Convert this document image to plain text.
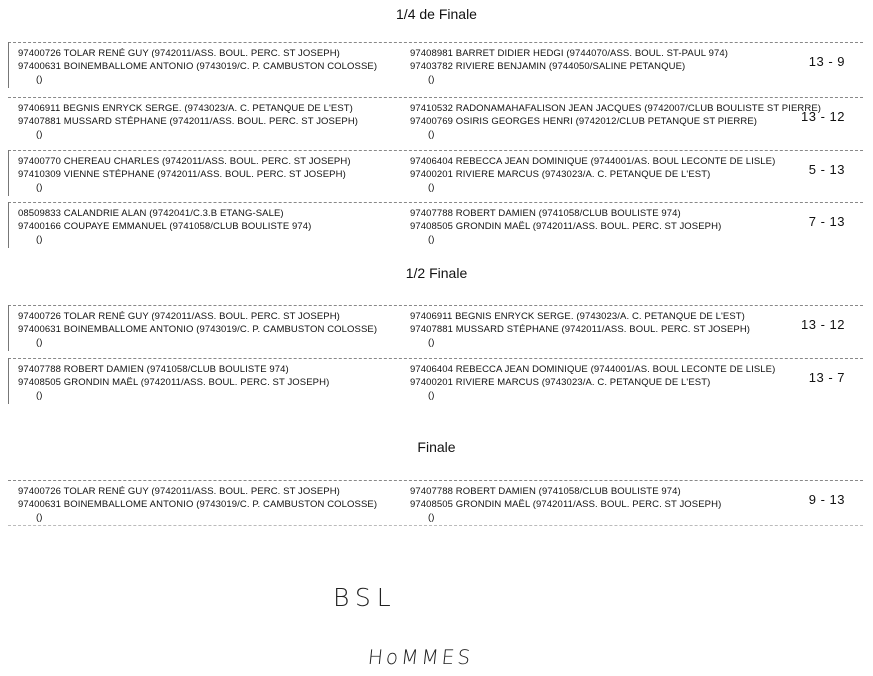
1/4 de Finale
97400726 TOLAR RENÉ GUY (9742011/ASS. BOUL. PERC. ST JOSEPH)
97400631 BOINEMBALLOME ANTONIO (9743019/C. P. CAMBUSTON COLOSSE)
()
97408981 BARRET DIDIER HEDGI (9744070/ASS. BOUL. ST-PAUL 974)
97403782 RIVIERE BENJAMIN (9744050/SALINE PETANQUE)
()
13 - 9
97406911 BEGNIS ENRYCK SERGE. (9743023/A. C. PETANQUE DE L'EST)
97407881 MUSSARD STÉPHANE (9742011/ASS. BOUL. PERC. ST JOSEPH)
()
97410532 RADONAMAHAFALISON JEAN JACQUES (9742007/CLUB BOULISTE ST PIERRE)
97400769 OSIRIS GEORGES HENRI (9742012/CLUB PETANQUE ST PIERRE)
()
13 - 12
97400770 CHEREAU CHARLES (9742011/ASS. BOUL. PERC. ST JOSEPH)
97410309 VIENNE STÉPHANE (9742011/ASS. BOUL. PERC. ST JOSEPH)
()
97406404 REBECCA JEAN DOMINIQUE (9744001/AS. BOUL LECONTE DE LISLE)
97400201 RIVIERE MARCUS (9743023/A. C. PETANQUE DE L'EST)
()
5 - 13
08509833 CALANDRIE ALAN (9742041/C.3.B ETANG-SALE)
97400166 COUPAYE EMMANUEL (9741058/CLUB BOULISTE 974)
()
97407788 ROBERT DAMIEN (9741058/CLUB BOULISTE 974)
97408505 GRONDIN MAËL (9742011/ASS. BOUL. PERC. ST JOSEPH)
()
7 - 13
1/2 Finale
97400726 TOLAR RENÉ GUY (9742011/ASS. BOUL. PERC. ST JOSEPH)
97400631 BOINEMBALLOME ANTONIO (9743019/C. P. CAMBUSTON COLOSSE)
()
97406911 BEGNIS ENRYCK SERGE. (9743023/A. C. PETANQUE DE L'EST)
97407881 MUSSARD STÉPHANE (9742011/ASS. BOUL. PERC. ST JOSEPH)
()
13 - 12
97407788 ROBERT DAMIEN (9741058/CLUB BOULISTE 974)
97408505 GRONDIN MAËL (9742011/ASS. BOUL. PERC. ST JOSEPH)
()
97406404 REBECCA JEAN DOMINIQUE (9744001/AS. BOUL LECONTE DE LISLE)
97400201 RIVIERE MARCUS (9743023/A. C. PETANQUE DE L'EST)
()
13 - 7
Finale
97400726 TOLAR RENÉ GUY (9742011/ASS. BOUL. PERC. ST JOSEPH)
97400631 BOINEMBALLOME ANTONIO (9743019/C. P. CAMBUSTON COLOSSE)
()
97407788 ROBERT DAMIEN (9741058/CLUB BOULISTE 974)
97408505 GRONDIN MAËL (9742011/ASS. BOUL. PERC. ST JOSEPH)
()
9 - 13
BSL
HoMMES
